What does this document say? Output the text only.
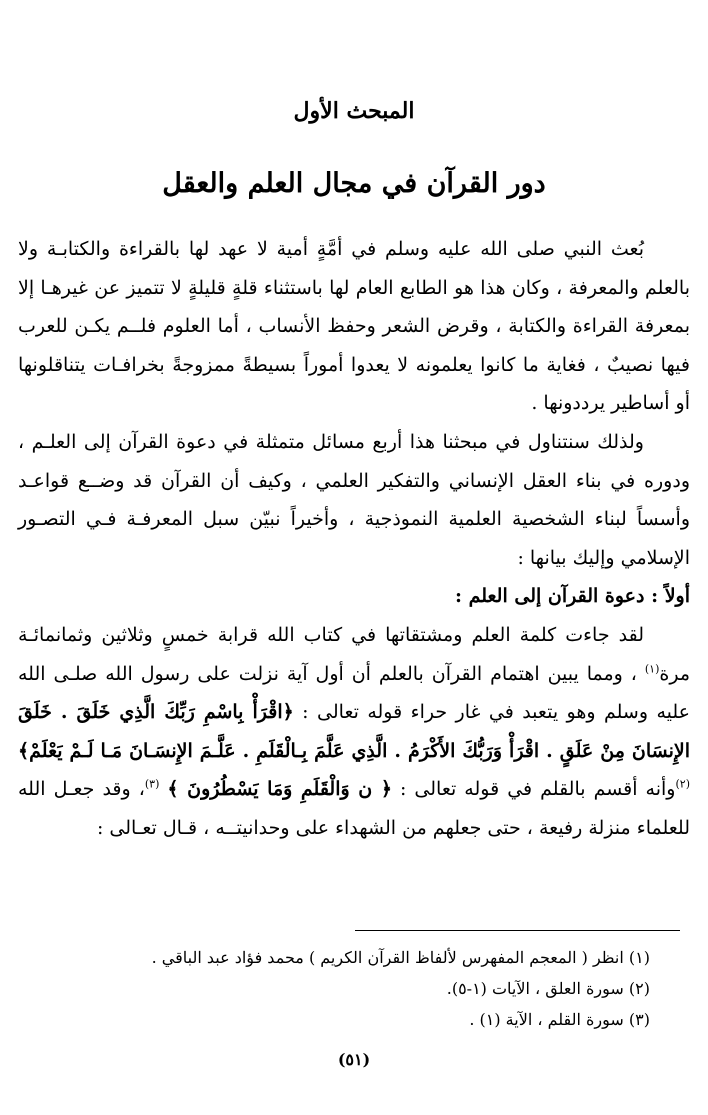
المبحث الأول
دور القرآن في مجال العلم والعقل

بُعث النبي صلى الله عليه وسلم في أمَّةٍ أمية لا عهد لها بالقراءة والكتابـة ولا بالعلم والمعرفة ، وكان هذا هو الطابع العام لها باستثناء قلةٍ قليلةٍ لا تتميز عن غيرهـا إلا بمعرفة القراءة والكتابة ، وقرض الشعر وحفظ الأنساب ، أما العلوم فلــم يكـن للعرب فيها نصيبٌ ، فغاية ما كانوا يعلمونه لا يعدوا أموراً بسيطةً ممزوجةً بخرافـات يتناقلونها أو أساطير يرددونها .

ولذلك سنتناول في مبحثنا هذا أربع مسائل متمثلة في دعوة القرآن إلى العلـم ، ودوره في بناء العقل الإنساني والتفكير العلمي ، وكيف أن القرآن قد وضــع قواعـد وأسساً لبناء الشخصية العلمية النموذجية ، وأخيراً نبيّن سبل المعرفـة فـي التصـور الإسلامي وإليك بيانها :

أولاً : دعوة القرآن إلى العلم :

لقد جاءت كلمة العلم ومشتقاتها في كتاب الله قرابة خمسٍ وثلاثين وثمانمائـة مرة$^{(١)}$ ، ومما يبين اهتمام القرآن بالعلم أن أول آية نزلت على رسول الله صلـى الله عليه وسلم وهو يتعبد في غار حراء قوله تعالى : ﴿اقْرَأْ بِاسْمِ رَبِّكَ الَّذِي خَلَقَ . خَلَقَ الإِنسَانَ مِنْ عَلَقٍ . اقْرَأْ وَرَبُّكَ الأَكْرَمُ . الَّذِي عَلَّمَ بِـالْقَلَمِ . عَلَّـمَ الإِنسَـانَ مَـا لَـمْ يَعْلَمْ﴾$^{(٢)}$وأنه أقسم بالقلم في قوله تعالى : ﴿ ن وَالْقَلَمِ وَمَا يَسْطُرُونَ ﴾ $^{(٣)}$، وقد جعـل الله للعلماء منزلة رفيعة ، حتى جعلهم من الشهداء على وحدانيتــه ، قـال تعـالى :

(١) انظر ( المعجم المفهرس لألفاظ القرآن الكريم ) محمد فؤاد عبد الباقي .
(٢) سورة العلق ، الآيات (١-٥).
(٣) سورة القلم ، الآية (١) .
(٥١)
